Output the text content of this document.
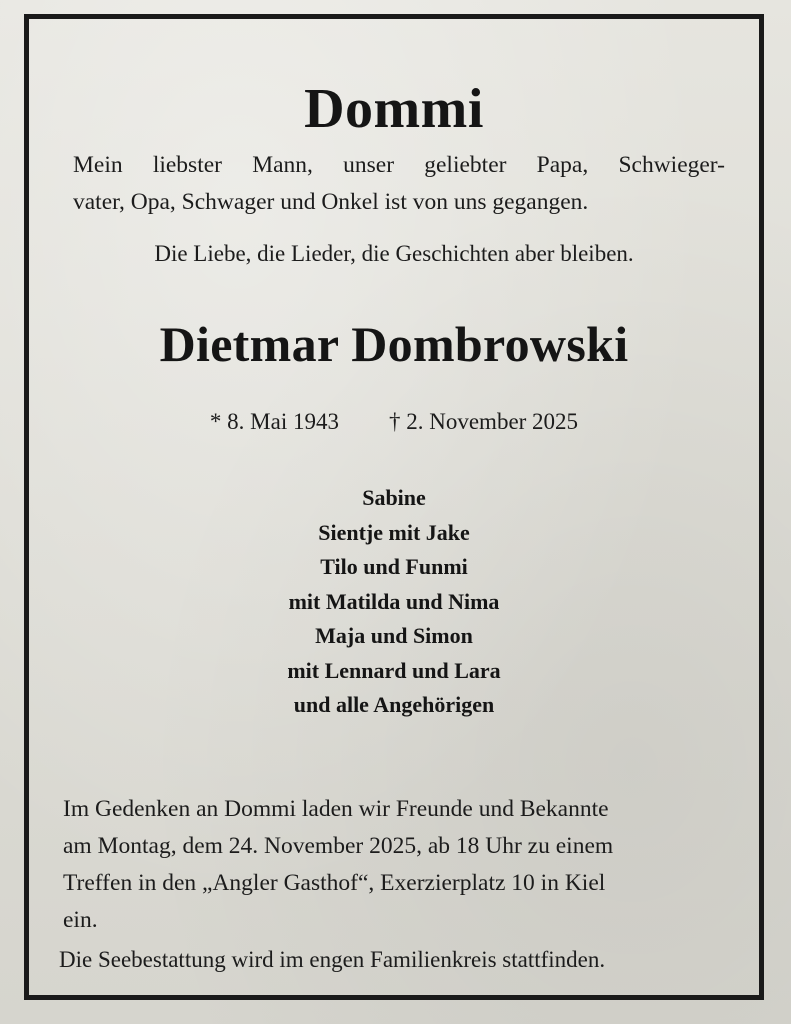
Dommi
Mein liebster Mann, unser geliebter Papa, Schwieger-
vater, Opa, Schwager und Onkel ist von uns gegangen.
Die Liebe, die Lieder, die Geschichten aber bleiben.
Dietmar Dombrowski
* 8. Mai 1943 † 2. November 2025
Sabine
Sientje mit Jake
Tilo und Funmi
mit Matilda und Nima
Maja und Simon
mit Lennard und Lara
und alle Angehörigen
Im Gedenken an Dommi laden wir Freunde und Bekannte
am Montag, dem 24. November 2025, ab 18 Uhr zu einem
Treffen in den „Angler Gasthof“, Exerzierplatz 10 in Kiel
ein.
Die Seebestattung wird im engen Familienkreis stattfinden.
